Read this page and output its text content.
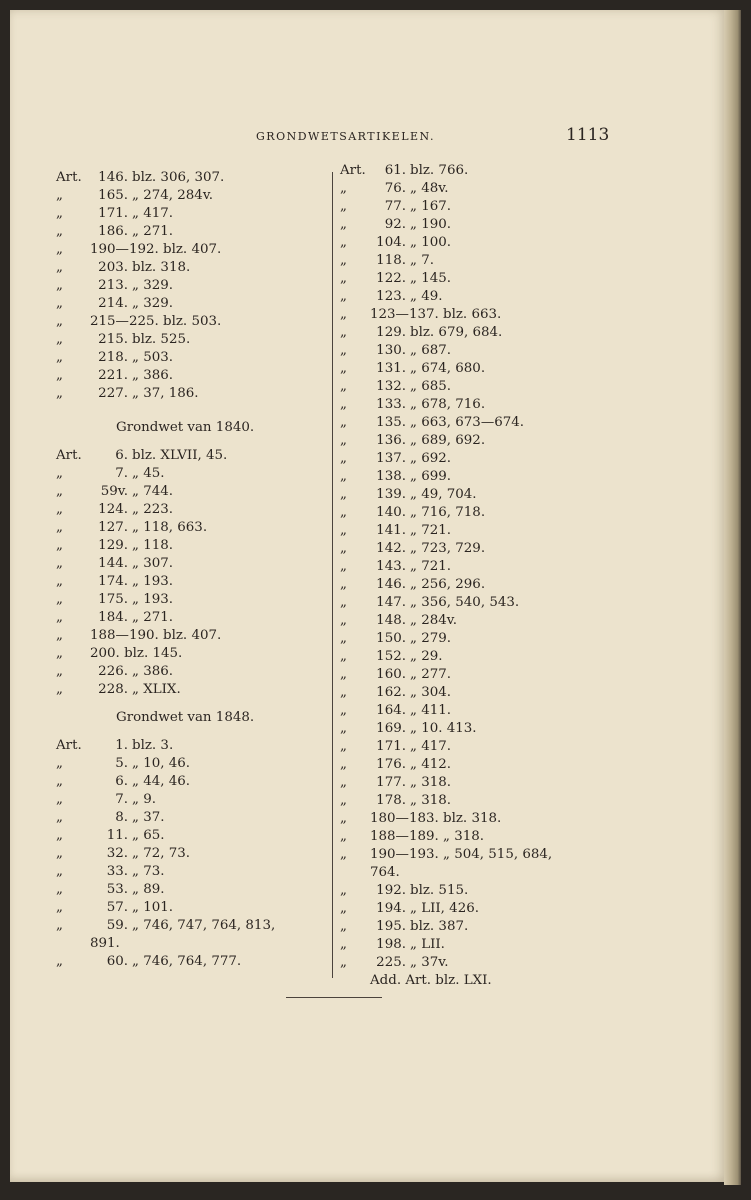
GRONDWETSARTIKELEN.	1113
Art.	146. blz. 306, 307.
„	165. „ 274, 284v.
„	171. „ 417.
„	186. „ 271.
„ 190—192. blz. 407.
„	203. blz. 318.
„	213. „ 329.
„	214. „ 329.
„ 215—225. blz. 503.
„	215. blz. 525.
„	218. „ 503.
„	221. „ 386.
„	227. „ 37, 186.
Grondwet van 1840.
Art.	6. blz. XLVII, 45.
„	7. „ 45.
„	59v. „ 744.
„	124. „ 223.
„	127. „ 118, 663.
„	129. „ 118.
„	144. „ 307.
„	174. „ 193.
„	175. „ 193.
„	184. „ 271.
„ 188—190. blz. 407.
„ 200. blz. 145.
„	226. „ 386.
„	228. „ XLIX.
Grondwet van 1848.
Art.	1. blz. 3.
„	5. „ 10, 46.
„	6. „ 44, 46.
„	7. „ 9.
„	8. „ 37.
„	11. „ 65.
„	32. „ 72, 73.
„	33. „ 73.
„	53. „ 89.
„	57. „ 101.
„	59. „ 746, 747, 764, 813,
891.
„	60. „ 746, 764, 777.
Art.	61. blz. 766.
„	76. „ 48v.
„	77. „ 167.
„	92. „ 190.
„	104. „ 100.
„	118. „ 7.
„	122. „ 145.
„	123. „ 49.
„ 123—137. blz. 663.
„	129. blz. 679, 684.
„	130. „ 687.
„	131. „ 674, 680.
„	132. „ 685.
„	133. „ 678, 716.
„	135. „ 663, 673—674.
„	136. „ 689, 692.
„	137. „ 692.
„	138. „ 699.
„	139. „ 49, 704.
„	140. „ 716, 718.
„	141. „ 721.
„	142. „ 723, 729.
„	143. „ 721.
„	146. „ 256, 296.
„	147. „ 356, 540, 543.
„	148. „ 284v.
„	150. „ 279.
„	152. „ 29.
„	160. „ 277.
„	162. „ 304.
„	164. „ 411.
„	169. „ 10. 413.
„	171. „ 417.
„	176. „ 412.
„	177. „ 318.
„	178. „ 318.
„ 180—183. blz. 318.
„ 188—189. „ 318.
„ 190—193. „ 504, 515, 684,
764.
„	192. blz. 515.
„	194. „ LII, 426.
„	195. blz. 387.
„	198. „ LII.
„	225. „ 37v.
Add. Art. blz. LXI.
